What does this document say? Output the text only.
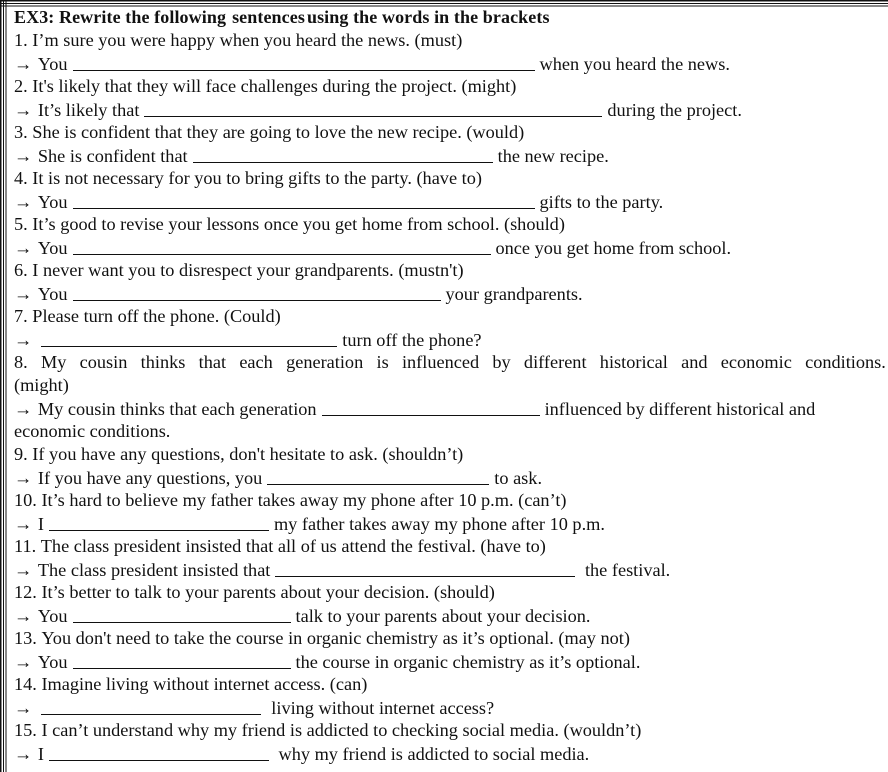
EX3: Rewrite the following sentences using the words in the brackets
1.
I’m sure you were happy when you heard the news. (must)
→
You	when you heard the news.
2.
It's likely that they will face challenges during the project. (might)
→
It’s likely that	during the project.
3.
She is confident that they are going to love the new recipe. (would)
→
She is confident that	the new recipe.
4.
It is not necessary for you to bring gifts to the party. (have to)
→
You	gifts to the party.
5.
It’s good to revise your lessons once you get home from school. (should)
→
You	once you get home from school.
6.
I never want you to disrespect your grandparents. (mustn't)
→
You	your grandparents.
7.
Please turn off the phone. (Could)
→	turn off the phone?
8. My cousin thinks that each generation is influenced by different historical and economic conditions.
(might)
→
My cousin thinks that each generation	influenced by different historical and
economic conditions.
9.
If you have any questions, don't hesitate to ask. (shouldn’t)
→
If you have any questions, you	to ask.
10.
It’s hard to believe my father takes away my phone after 10 p.m. (can’t)
→
I	my father takes away my phone after 10 p.m.
11.
The class president insisted that all of us attend the festival. (have to)
→
The class president insisted that	the festival.
12.
It’s better to talk to your parents about your decision. (should)
→
You	talk to your parents about your decision.
13.
You don't need to take the course in organic chemistry as it’s optional. (may not)
→
You	the course in organic chemistry as it’s optional.
14.
Imagine living without internet access. (can)
→	living without internet access?
15.
I can’t understand why my friend is addicted to checking social media. (wouldn’t)
→
I	why my friend is addicted to social media.
